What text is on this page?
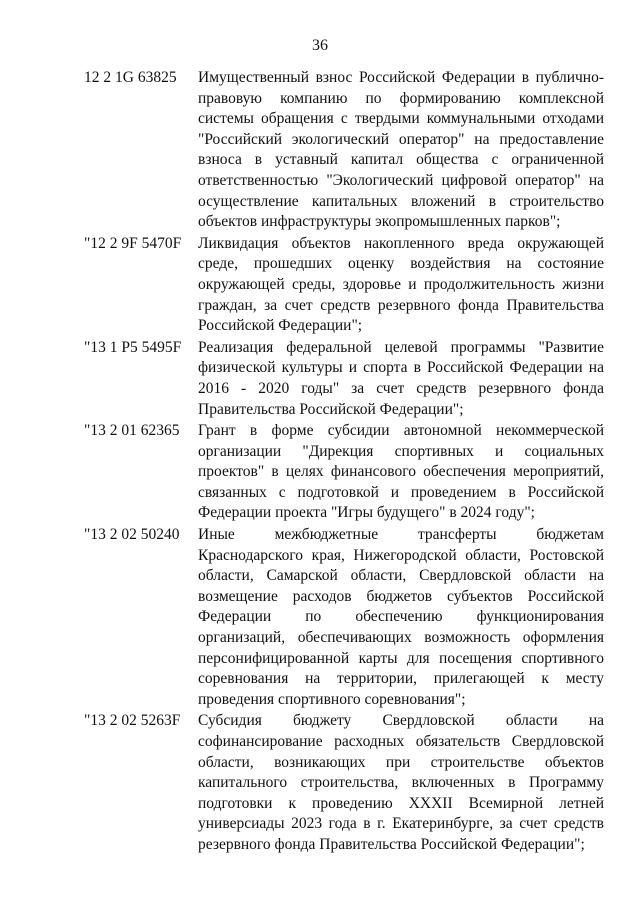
36
12 2 1G 63825	Имущественный взнос Российской Федерации в публично-правовую компанию по формированию комплексной системы обращения с твердыми коммунальными отходами "Российский экологический оператор" на предоставление взноса в уставный капитал общества с ограниченной ответственностью "Экологический цифровой оператор" на осуществление капитальных вложений в строительство объектов инфраструктуры экопромышленных парков";
"12 2 9F 5470F	Ликвидация объектов накопленного вреда окружающей среде, прошедших оценку воздействия на состояние окружающей среды, здоровье и продолжительность жизни граждан, за счет средств резервного фонда Правительства Российской Федерации";
"13 1 P5 5495F	Реализация федеральной целевой программы "Развитие физической культуры и спорта в Российской Федерации на 2016 - 2020 годы" за счет средств резервного фонда Правительства Российской Федерации";
"13 2 01 62365	Грант в форме субсидии автономной некоммерческой организации "Дирекция спортивных и социальных проектов" в целях финансового обеспечения мероприятий, связанных с подготовкой и проведением в Российской Федерации проекта "Игры будущего" в 2024 году";
"13 2 02 50240	Иные межбюджетные трансферты бюджетам Краснодарского края, Нижегородской области, Ростовской области, Самарской области, Свердловской области на возмещение расходов бюджетов субъектов Российской Федерации по обеспечению функционирования организаций, обеспечивающих возможность оформления персонифицированной карты для посещения спортивного соревнования на территории, прилегающей к месту проведения спортивного соревнования";
"13 2 02 5263F	Субсидия бюджету Свердловской области на софинансирование расходных обязательств Свердловской области, возникающих при строительстве объектов капитального строительства, включенных в Программу подготовки к проведению XXXII Всемирной летней универсиады 2023 года в г. Екатеринбурге, за счет средств резервного фонда Правительства Российской Федерации";
